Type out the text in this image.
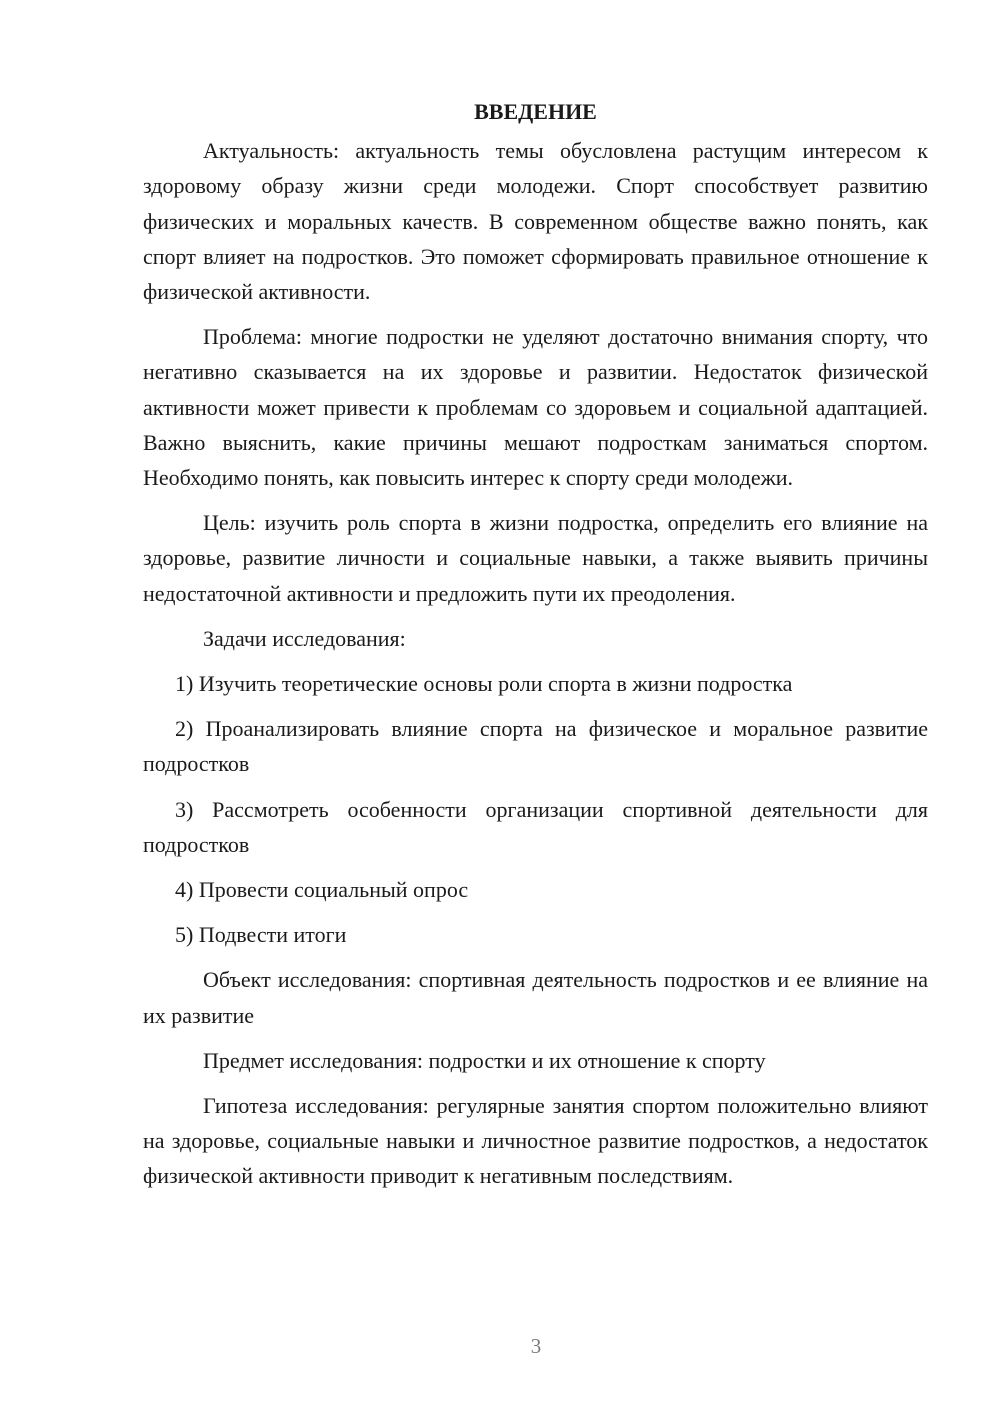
ВВЕДЕНИЕ

Актуальность: актуальность темы обусловлена растущим интересом к здоровому образу жизни среди молодежи. Спорт способствует развитию физических и моральных качеств. В современном обществе важно понять, как спорт влияет на подростков. Это поможет сформировать правильное отношение к физической активности.

Проблема: многие подростки не уделяют достаточно внимания спорту, что негативно сказывается на их здоровье и развитии. Недостаток физической активности может привести к проблемам со здоровьем и социальной адаптацией. Важно выяснить, какие причины мешают подросткам заниматься спортом. Необходимо понять, как повысить интерес к спорту среди молодежи.

Цель: изучить роль спорта в жизни подростка, определить его влияние на здоровье, развитие личности и социальные навыки, а также выявить причины недостаточной активности и предложить пути их преодоления.

Задачи исследования:

1) Изучить теоретические основы роли спорта в жизни подростка

2) Проанализировать влияние спорта на физическое и моральное развитие подростков

3) Рассмотреть особенности организации спортивной деятельности для подростков

4) Провести социальный опрос

5) Подвести итоги

Объект исследования: спортивная деятельность подростков и ее влияние на их развитие

Предмет исследования: подростки и их отношение к спорту

Гипотеза исследования: регулярные занятия спортом положительно влияют на здоровье, социальные навыки и личностное развитие подростков, а недостаток физической активности приводит к негативным последствиям.

3
